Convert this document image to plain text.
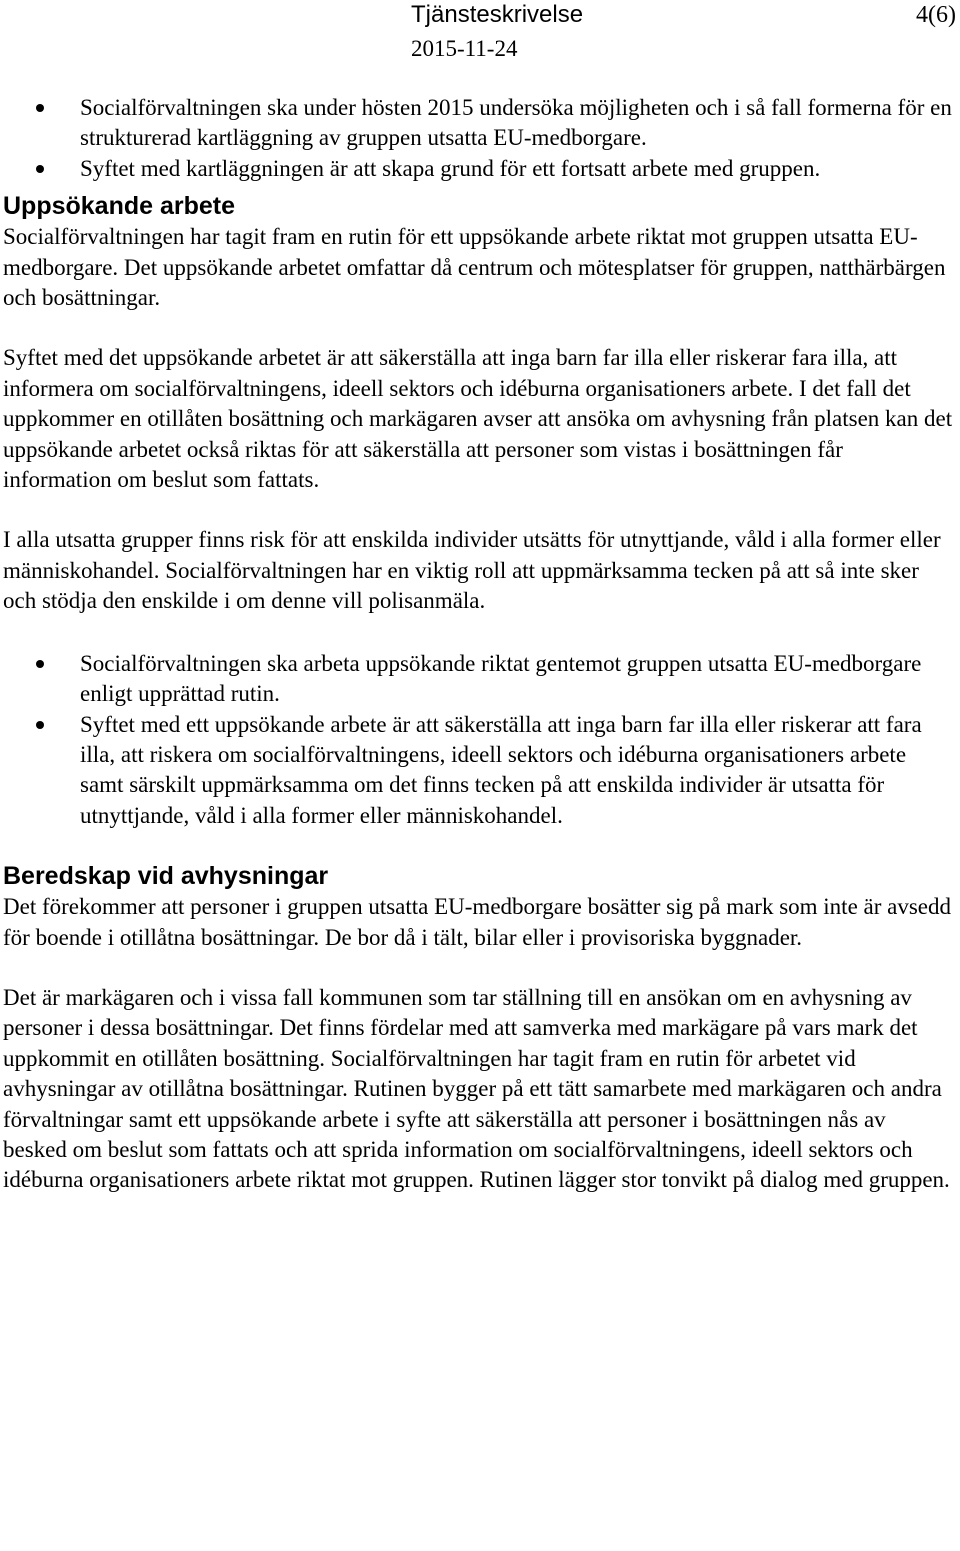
Tjänsteskrivelse	4(6)
2015-11-24
Socialförvaltningen ska under hösten 2015 undersöka möjligheten och i så fall formerna för en strukturerad kartläggning av gruppen utsatta EU-medborgare.
Syftet med kartläggningen är att skapa grund för ett fortsatt arbete med gruppen.
Uppsökande arbete

Socialförvaltningen har tagit fram en rutin för ett uppsökande arbete riktat mot gruppen utsatta EU-medborgare. Det uppsökande arbetet omfattar då centrum och mötesplatser för gruppen, natthärbärgen och bosättningar.

Syftet med det uppsökande arbetet är att säkerställa att inga barn far illa eller riskerar fara illa, att informera om socialförvaltningens, ideell sektors och idéburna organisationers arbete. I det fall det uppkommer en otillåten bosättning och markägaren avser att ansöka om avhysning från platsen kan det uppsökande arbetet också riktas för att säkerställa att personer som vistas i bosättningen får information om beslut som fattats.

I alla utsatta grupper finns risk för att enskilda individer utsätts för utnyttjande, våld i alla former eller människohandel. Socialförvaltningen har en viktig roll att uppmärksamma tecken på att så inte sker och stödja den enskilde i om denne vill polisanmäla.

Socialförvaltningen ska arbeta uppsökande riktat gentemot gruppen utsatta EU-medborgare enligt upprättad rutin.
Syftet med ett uppsökande arbete är att säkerställa att inga barn far illa eller riskerar att fara illa, att riskera om socialförvaltningens, ideell sektors och idéburna organisationers arbete samt särskilt uppmärksamma om det finns tecken på att enskilda individer är utsatta för utnyttjande, våld i alla former eller människohandel.
Beredskap vid avhysningar

Det förekommer att personer i gruppen utsatta EU-medborgare bosätter sig på mark som inte är avsedd för boende i otillåtna bosättningar. De bor då i tält, bilar eller i provisoriska byggnader.

Det är markägaren och i vissa fall kommunen som tar ställning till en ansökan om en avhysning av personer i dessa bosättningar. Det finns fördelar med att samverka med markägare på vars mark det uppkommit en otillåten bosättning. Socialförvaltningen har tagit fram en rutin för arbetet vid avhysningar av otillåtna bosättningar. Rutinen bygger på ett tätt samarbete med markägaren och andra förvaltningar samt ett uppsökande arbete i syfte att säkerställa att personer i bosättningen nås av besked om beslut som fattats och att sprida information om socialförvaltningens, ideell sektors och idéburna organisationers arbete riktat mot gruppen. Rutinen lägger stor tonvikt på dialog med gruppen.
